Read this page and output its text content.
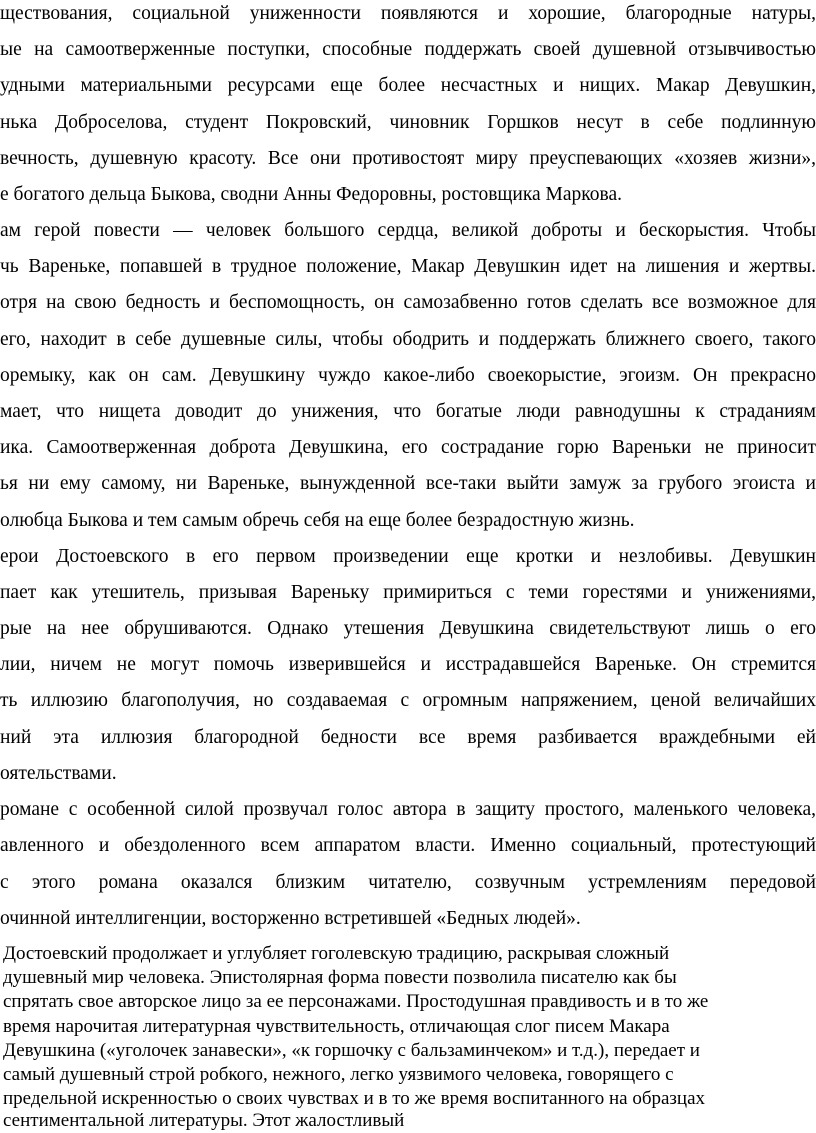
ществования, социальной униженности появляются и хорошие, благородные натуры,
ые на самоотверженные поступки, способные поддержать своей душевной отзывчивостью
удными материальными ресурсами еще более несчастных и нищих. Макар Девушкин,
нька Доброселова, студент Покровский, чиновник Горшков несут в себе подлинную
вечность, душевную красоту. Все они противостоят миру преуспевающих «хозяев жизни»,
е богатого дельца Быкова, сводни Анны Федоровны, ростовщика Маркова.
ам герой повести — человек большого сердца, великой доброты и бескорыстия. Чтобы
чь Вареньке, попавшей в трудное положение, Макар Девушкин идет на лишения и жертвы.
отря на свою бедность и беспомощность, он самозабвенно готов сделать все возможное для
его, находит в себе душевные силы, чтобы ободрить и поддержать ближнего своего, такого
оремыку, как он сам. Девушкину чуждо какое-либо своекорыстие, эгоизм. Он прекрасно
мает, что нищета доводит до унижения, что богатые люди равнодушны к страданиям
ика. Самоотверженная доброта Девушкина, его сострадание горю Вареньки не приносит
ья ни ему самому, ни Вареньке, вынужденной все-таки выйти замуж за грубого эгоиста и
олюбца Быкова и тем самым обречь себя на еще более безрадостную жизнь.
ерои Достоевского в его первом произведении еще кротки и незлобивы. Девушкин
пает как утешитель, призывая Вареньку примириться с теми горестями и унижениями,
рые на нее обрушиваются. Однако утешения Девушкина свидетельствуют лишь о его
лии, ничем не могут помочь изверившейся и исстрадавшейся Вареньке. Он стремится
ть иллюзию благополучия, но создаваемая с огромным напряжением, ценой величайших
ний эта иллюзия благородной бедности все время разбивается враждебными ей
оятельствами.
романе с особенной силой прозвучал голос автора в защиту простого, маленького человека,
авленного и обездоленного всем аппаратом власти. Именно социальный, протестующий
с этого романа оказался близким читателю, созвучным устремлениям передовой
очинной интеллигенции, восторженно встретившей «Бедных людей».
Достоевский продолжает и углубляет гоголевскую традицию, раскрывая сложный
душевный мир человека. Эпистолярная форма повести позволила писателю как бы
спрятать свое авторское лицо за ее персонажами. Простодушная правдивость и в то же
время нарочитая литературная чувствительность, отличающая слог писем Макара
Девушкина («уголочек занавески», «к горшочку с бальзаминчеком» и т.д.), передает и
самый душевный строй робкого, нежного, легко уязвимого человека, говорящего с
предельной искренностью о своих чувствах и в то же время воспитанного на образцах
сентиментальной литературы. Этот жалостливый
